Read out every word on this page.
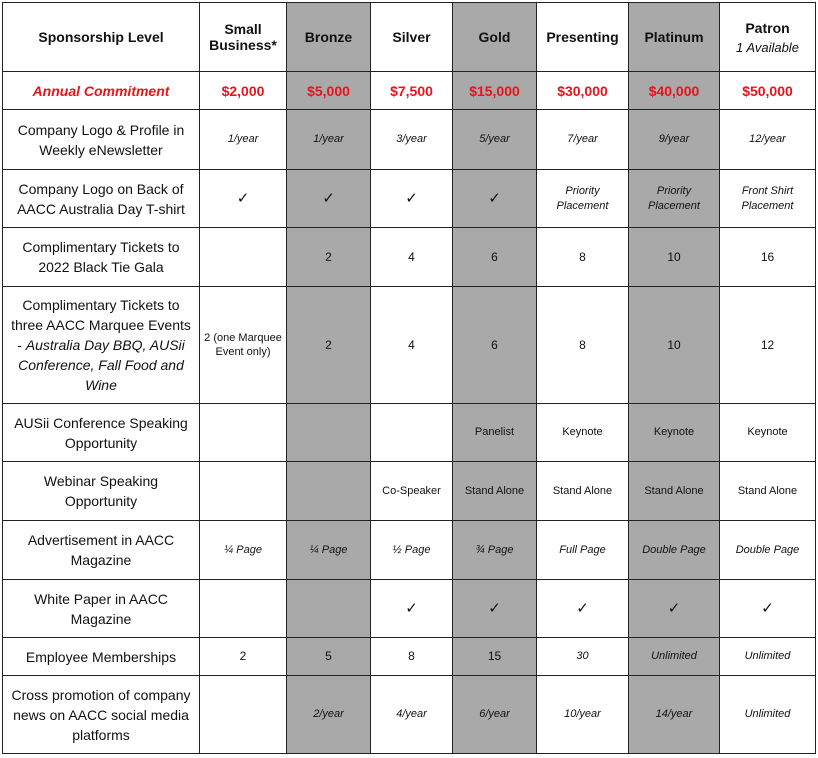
Sponsorship Level	Small Business*	Bronze	Silver	Gold	Presenting	Platinum	Patron
1 Available

Annual Commitment	$2,000	$5,000	$7,500	$15,000	$30,000	$40,000	$50,000
Company Logo & Profile in Weekly eNewsletter	1/year	1/year	3/year	5/year	7/year	9/year	12/year
Company Logo on Back of AACC Australia Day T-shirt	✓	✓	✓	✓	Priority Placement	Priority Placement	Front Shirt Placement
Complimentary Tickets to 2022 Black Tie Gala		2	4	6	8	10	16
Complimentary Tickets to three AACC Marquee Events - Australia Day BBQ, AUSii Conference, Fall Food and Wine	2 (one Marquee Event only)	2	4	6	8	10	12
AUSii Conference Speaking Opportunity				Panelist	Keynote	Keynote	Keynote
Webinar Speaking Opportunity			Co-Speaker	Stand Alone	Stand Alone	Stand Alone	Stand Alone
Advertisement in AACC Magazine	¼ Page	¼ Page	½ Page	¾ Page	Full Page	Double Page	Double Page
White Paper in AACC Magazine			✓	✓	✓	✓	✓
Employee Memberships	2	5	8	15	30	Unlimited	Unlimited
Cross promotion of company news on AACC social media platforms		2/year	4/year	6/year	10/year	14/year	Unlimited
